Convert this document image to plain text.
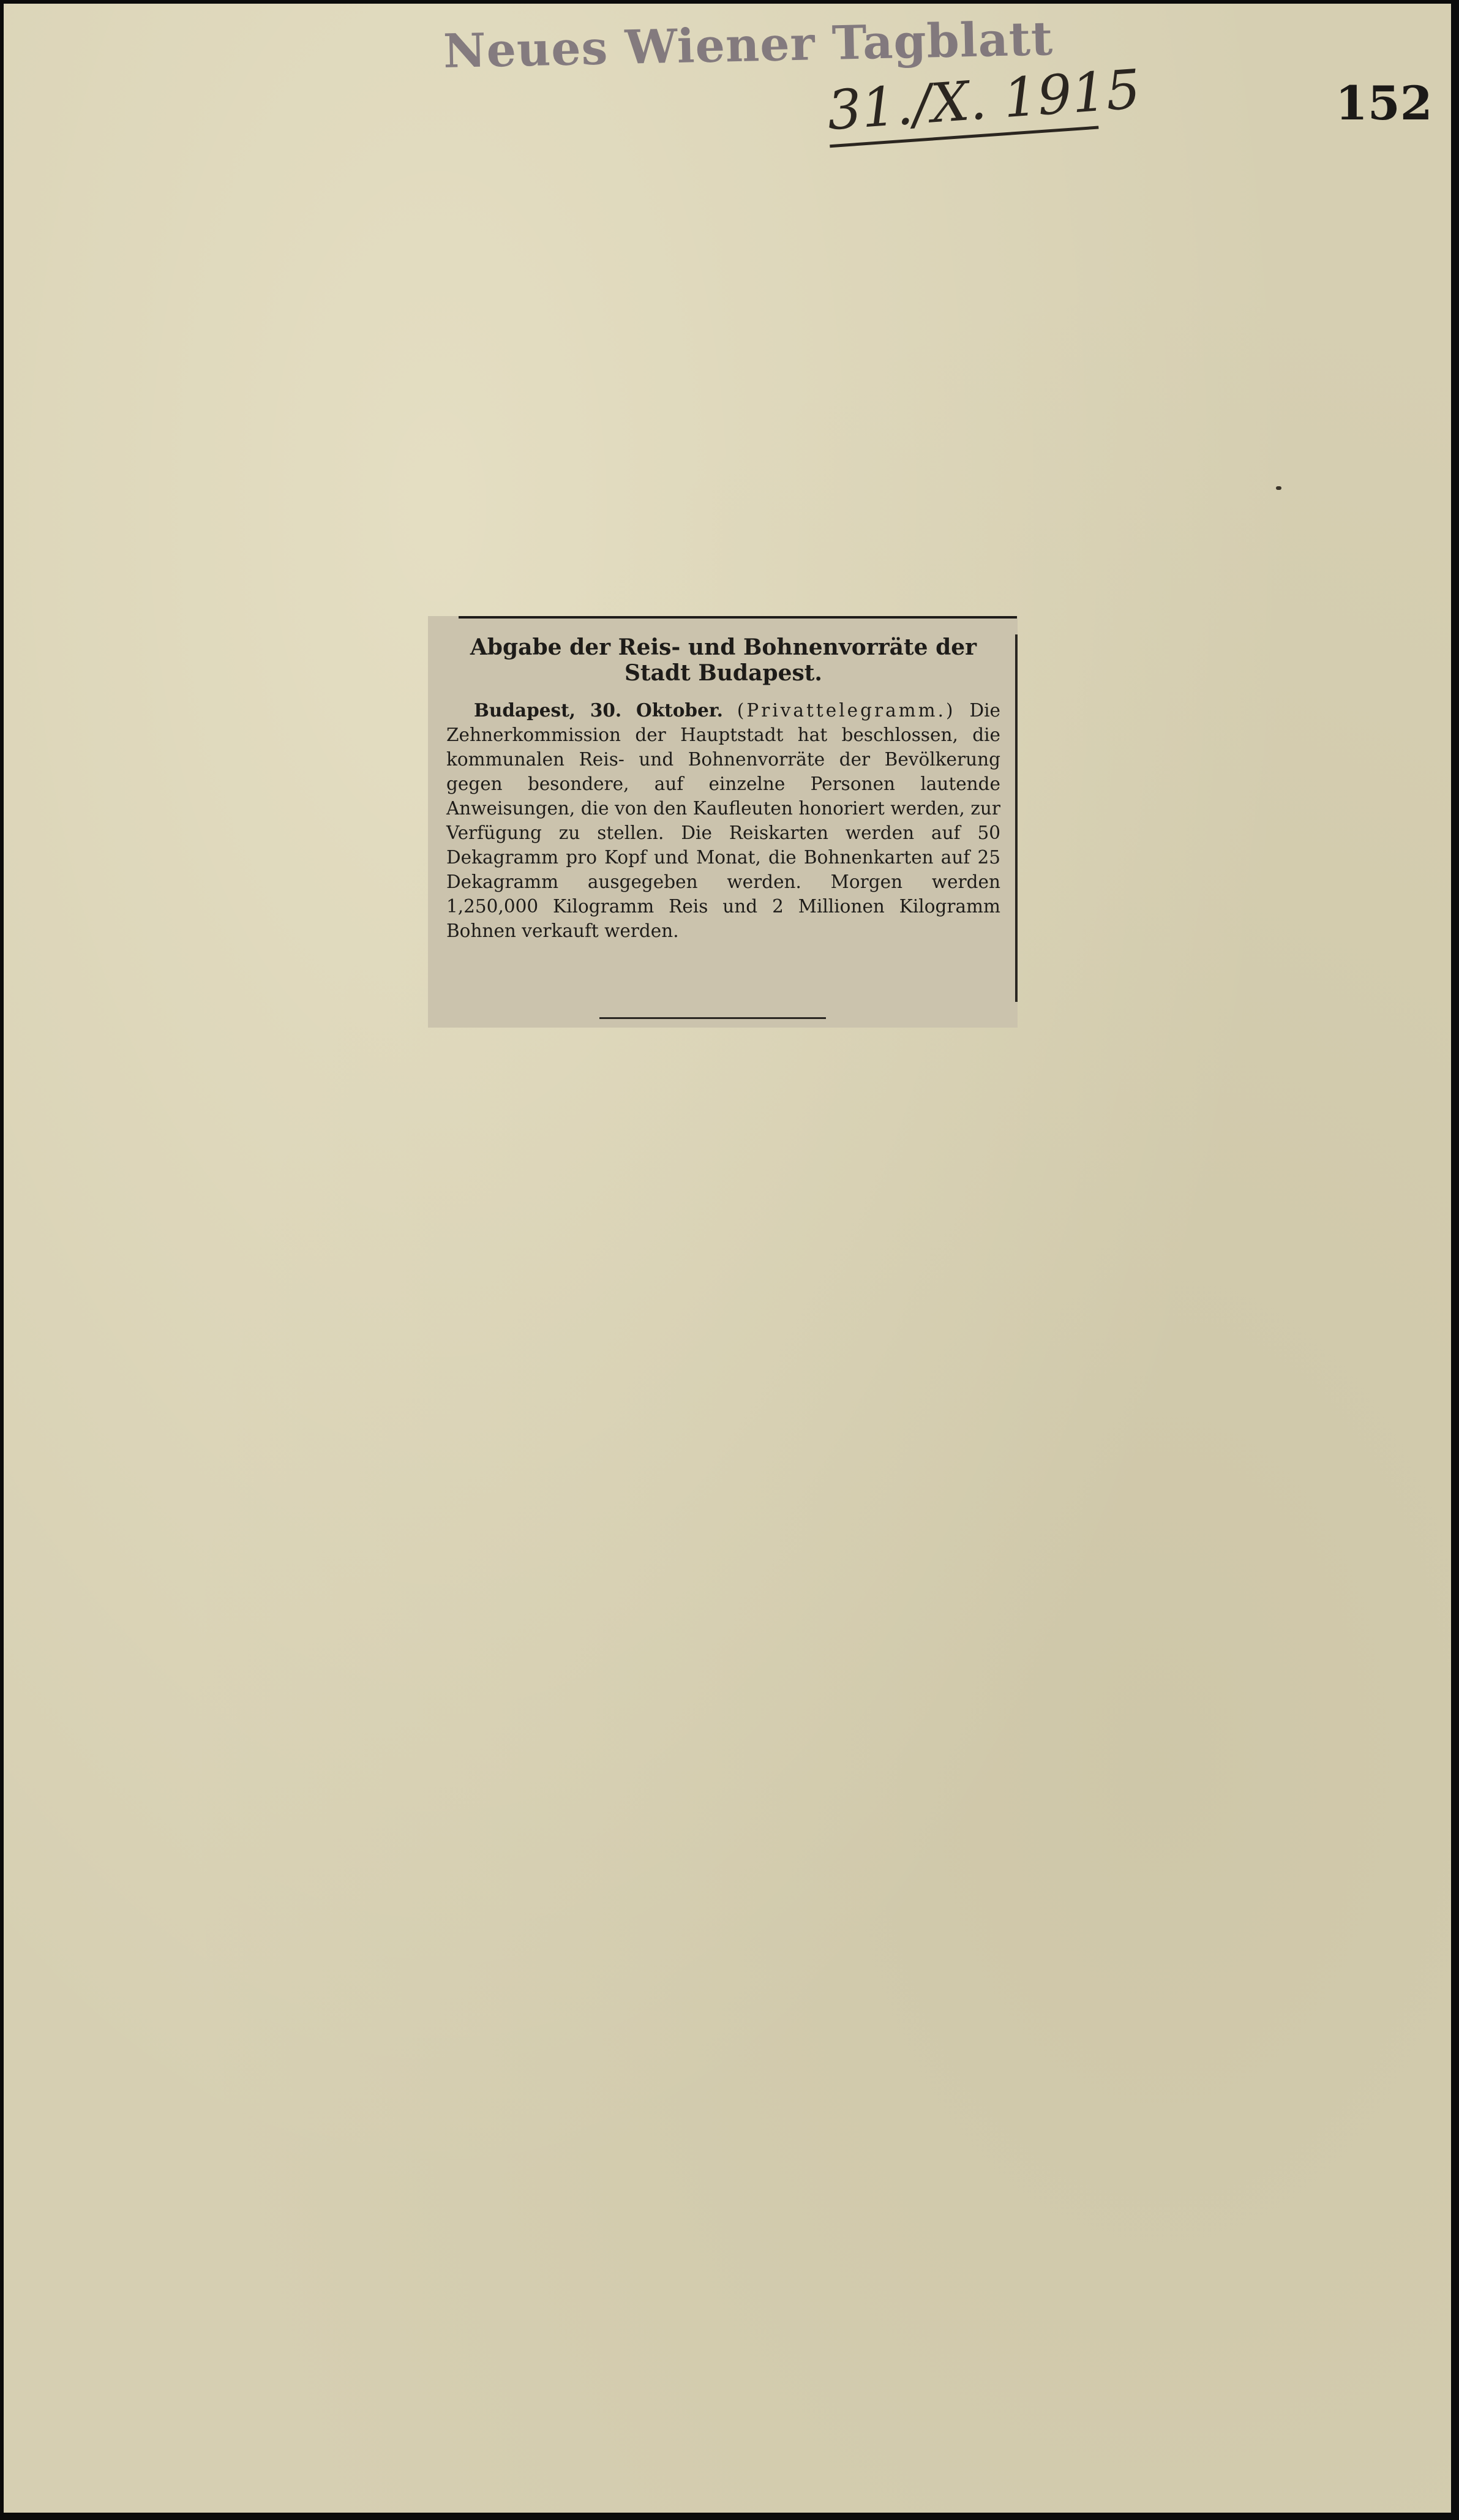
Neues Wiener Tagblatt
31./X. 1915	152
Abgabe der Reis- und Bohnenvorräte der Stadt Budapest.

Budapest, 30. Oktober. (Privattelegramm.) Die Zehnerkommission der Hauptstadt hat beschlossen, die kommunalen Reis- und Bohnenvorräte der Bevölkerung gegen besondere, auf einzelne Personen lautende Anweisungen, die von den Kaufleuten honoriert werden, zur Verfügung zu stellen. Die Reiskarten werden auf 50 Dekagramm pro Kopf und Monat, die Bohnenkarten auf 25 Dekagramm ausgegeben werden. Morgen werden 1,250,000 Kilogramm Reis und 2 Millionen Kilogramm Bohnen verkauft werden.
